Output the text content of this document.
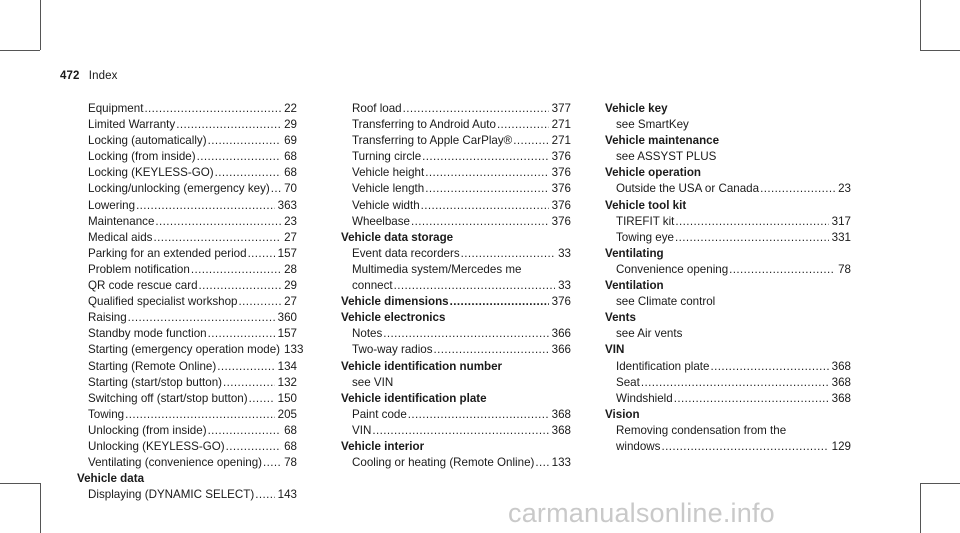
472 Index
Equipment .....	22
Limited Warranty .....	29
Locking (automatically) .....	69
Locking (from inside) .....	68
Locking (KEYLESS-GO) .....	68
Locking/unlocking (emergency key) ..... 70
Lowering .....	363
Maintenance .....	23
Medical aids .....	27
Parking for an extended period .....	157
Problem notification .....	28
QR code rescue card .....	29
Qualified specialist workshop .....	27
Raising .....	360
Standby mode function .....	157
Starting (emergency operation mode) 133
Starting (Remote Online) .....	134
Starting (start/stop button) .....	132
Switching off (start/stop button) .....	150
Towing .....	205
Unlocking (from inside) .....	68
Unlocking (KEYLESS-GO) .....	68
Ventilating (convenience opening) ..... 78
Vehicle data
Displaying (DYNAMIC SELECT) ..... 143
Roof load .....	377
Transferring to Android Auto .....	271
Transferring to Apple CarPlay® .....	271
Turning circle .....	376
Vehicle height .....	376
Vehicle length .....	376
Vehicle width .....	376
Wheelbase .....	376
Vehicle data storage
Event data recorders .....	33
Multimedia system/Mercedes me
connect .....	33
Vehicle dimensions .....	376
Vehicle electronics
Notes .....	366
Two-way radios .....	366
Vehicle identification number
see VIN
Vehicle identification plate
Paint code .....	368
VIN .....	368
Vehicle interior
Cooling or heating (Remote Online) ..... 133
Vehicle key
see SmartKey
Vehicle maintenance
see ASSYST PLUS
Vehicle operation
Outside the USA or Canada .....	23
Vehicle tool kit
TIREFIT kit .....	317
Towing eye .....	331
Ventilating
Convenience opening .....	78
Ventilation
see Climate control
Vents
see Air vents
VIN
Identification plate .....	368
Seat .....	368
Windshield .....	368
Vision
Removing condensation from the
windows .....	129
carmanualsonline.info
